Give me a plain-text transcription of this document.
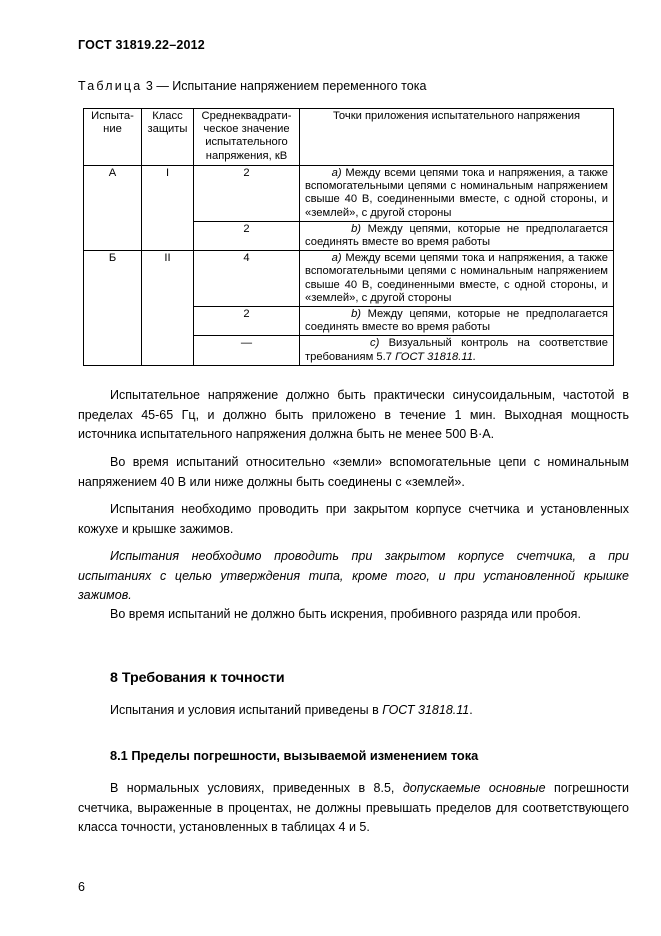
ГОСТ 31819.22–2012
Таблица 3 — Испытание напряжением переменного тока
Испыта-ние	Класс защиты	Среднеквадрати-ческое значение испытательного напряжения, кВ	Точки приложения испытательного напряжения
А	I	2	а) Между всеми цепями тока и напряжения, а также вспомогательными цепями с номинальным напряжением свыше 40 В, соединенными вместе, с одной стороны, и «землей», с другой стороны
		2	b) Между цепями, которые не предполагается соединять вместе во время работы
Б	II	4	а) Между всеми цепями тока и напряжения, а также вспомогательными цепями с номинальным напряжением свыше 40 В, соединенными вместе, с одной стороны, и «землей», с другой стороны
		2	b) Между цепями, которые не предполагается соединять вместе во время работы
		—	с) Визуальный контроль на соответствие требованиям 5.7 ГОСТ 31818.11.

Испытательное напряжение должно быть практически синусоидальным, частотой в пределах 45-65 Гц, и должно быть приложено в течение 1 мин. Выходная мощность источника испытательного напряжения должна быть не менее 500 В·А.

Во время испытаний относительно «земли» вспомогательные цепи с номинальным напряжением 40 В или ниже должны быть соединены с «землей».

Испытания необходимо проводить при закрытом корпусе счетчика и установленных кожухе и крышке зажимов.

Испытания необходимо проводить при закрытом корпусе счетчика, а при испытаниях с целью утверждения типа, кроме того, и при установленной крышке зажимов.

Во время испытаний не должно быть искрения, пробивного разряда или пробоя.

8 Требования к точности

Испытания и условия испытаний приведены в ГОСТ 31818.11.

8.1 Пределы погрешности, вызываемой изменением тока

В нормальных условиях, приведенных в 8.5, допускаемые основные погрешности счетчика, выраженные в процентах, не должны превышать пределов для соответствующего класса точности, установленных в таблицах 4 и 5.

6
